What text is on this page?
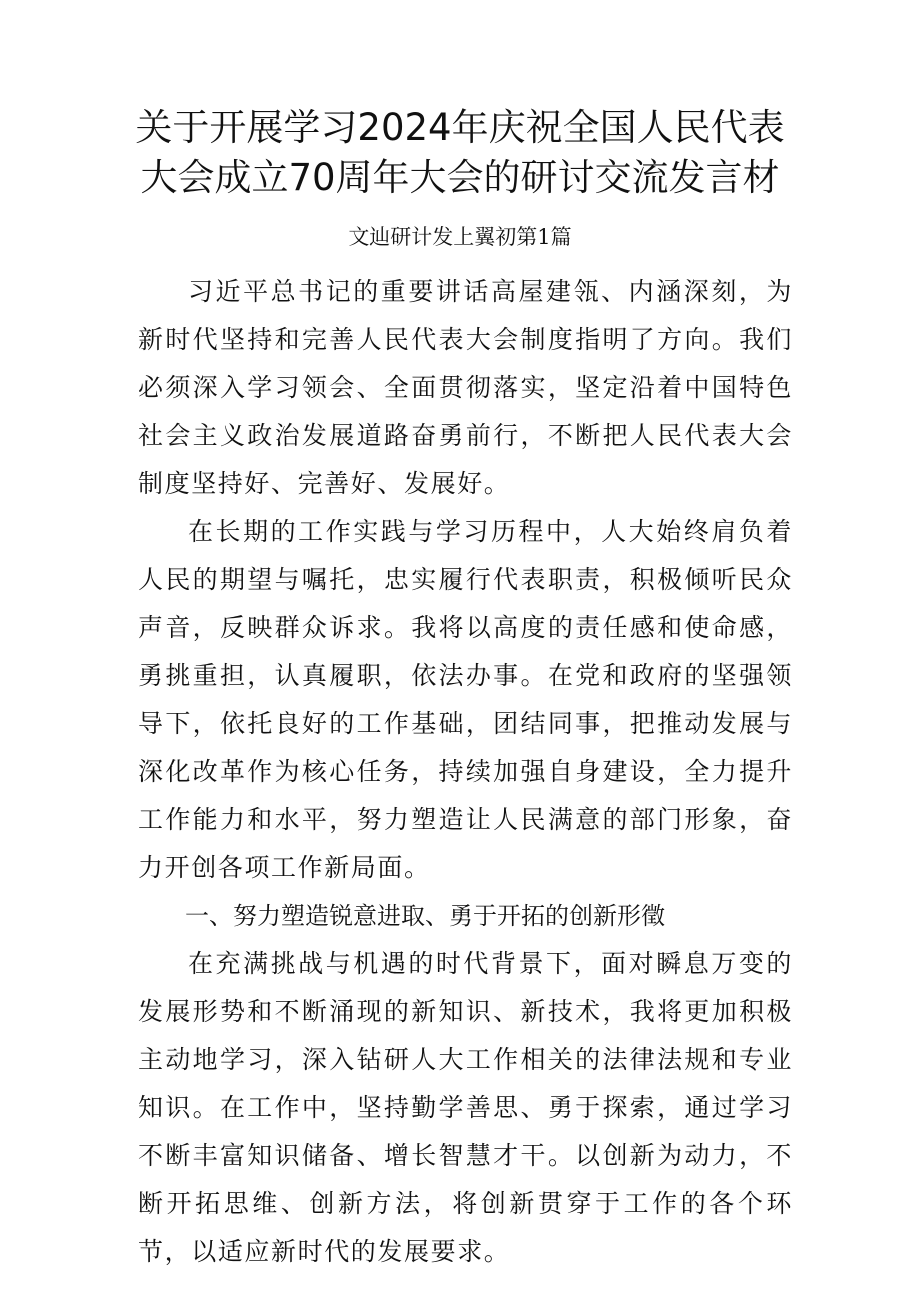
关于开展学习2024年庆祝全国人民代表大会成立70周年大会的研讨交流发言材
文辿研计发上翼初第1篇

习近平总书记的重要讲话高屋建瓴、内涵深刻，为新时代坚持和完善人民代表大会制度指明了方向。我们必须深入学习领会、全面贯彻落实，坚定沿着中国特色社会主义政治发展道路奋勇前行，不断把人民代表大会制度坚持好、完善好、发展好。

在长期的工作实践与学习历程中，人大始终肩负着人民的期望与嘱托，忠实履行代表职责，积极倾听民众声音，反映群众诉求。我将以高度的责任感和使命感，勇挑重担，认真履职，依法办事。在党和政府的坚强领导下，依托良好的工作基础，团结同事，把推动发展与深化改革作为核心任务，持续加强自身建设，全力提升工作能力和水平，努力塑造让人民满意的部门形象，奋力开创各项工作新局面。

一、努力塑造锐意进取、勇于开拓的创新形徵

在充满挑战与机遇的时代背景下，面对瞬息万变的发展形势和不断涌现的新知识、新技术，我将更加积极主动地学习，深入钻研人大工作相关的法律法规和专业知识。在工作中，坚持勤学善思、勇于探索，通过学习不断丰富知识储备、增长智慧才干。以创新为动力，不断开拓思维、创新方法，将创新贯穿于工作的各个环节，以适应新时代的发展要求。
